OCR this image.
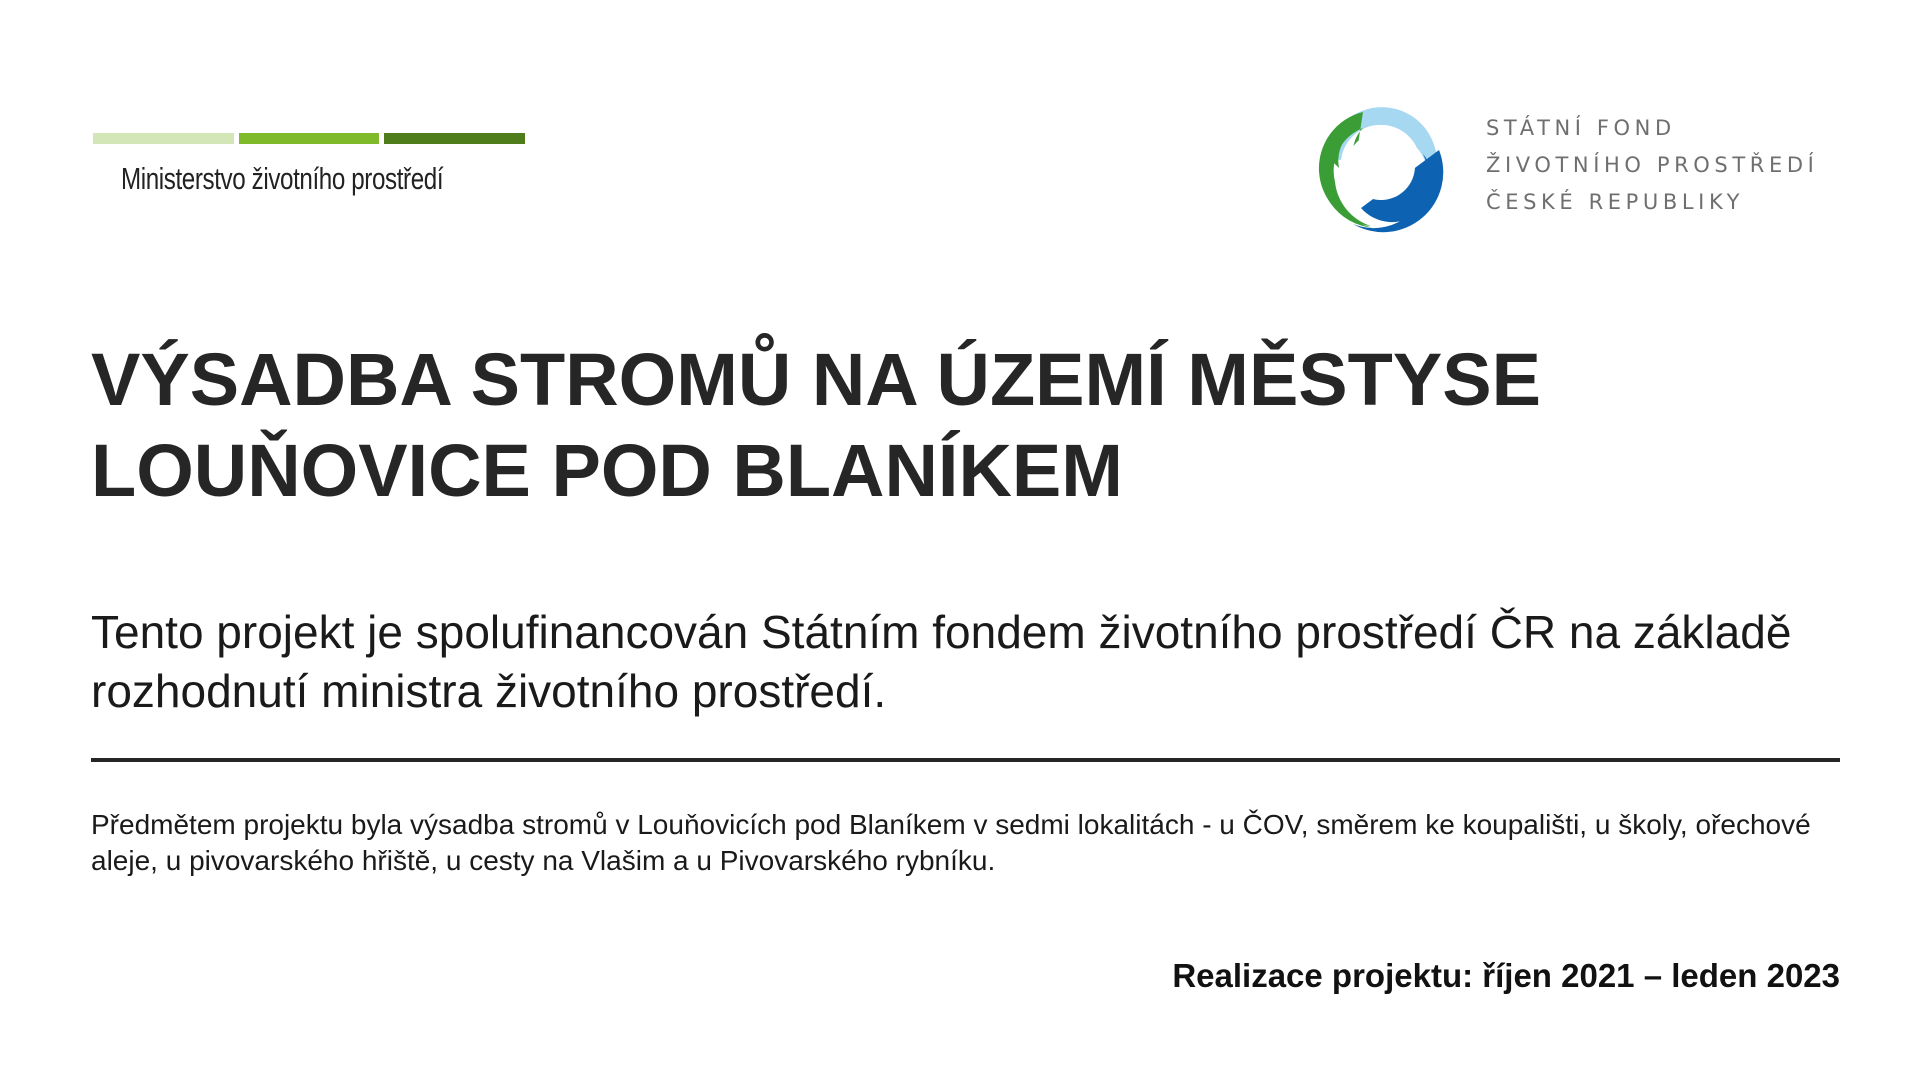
Ministerstvo životního prostředí
STÁTNÍ FOND
ŽIVOTNÍHO PROSTŘEDÍ
ČESKÉ REPUBLIKY
VÝSADBA STROMŮ NA ÚZEMÍ MĚSTYSE LOUŇOVICE POD BLANÍKEM

Tento projekt je spolufinancován Státním fondem životního prostředí ČR na základě rozhodnutí ministra životního prostředí.

Předmětem projektu byla výsadba stromů v Louňovicích pod Blaníkem v sedmi lokalitách - u ČOV, směrem ke koupališti, u školy, ořechové aleje, u pivovarského hřiště, u cesty na Vlašim a u Pivovarského rybníku.

Realizace projektu: říjen 2021 – leden 2023
